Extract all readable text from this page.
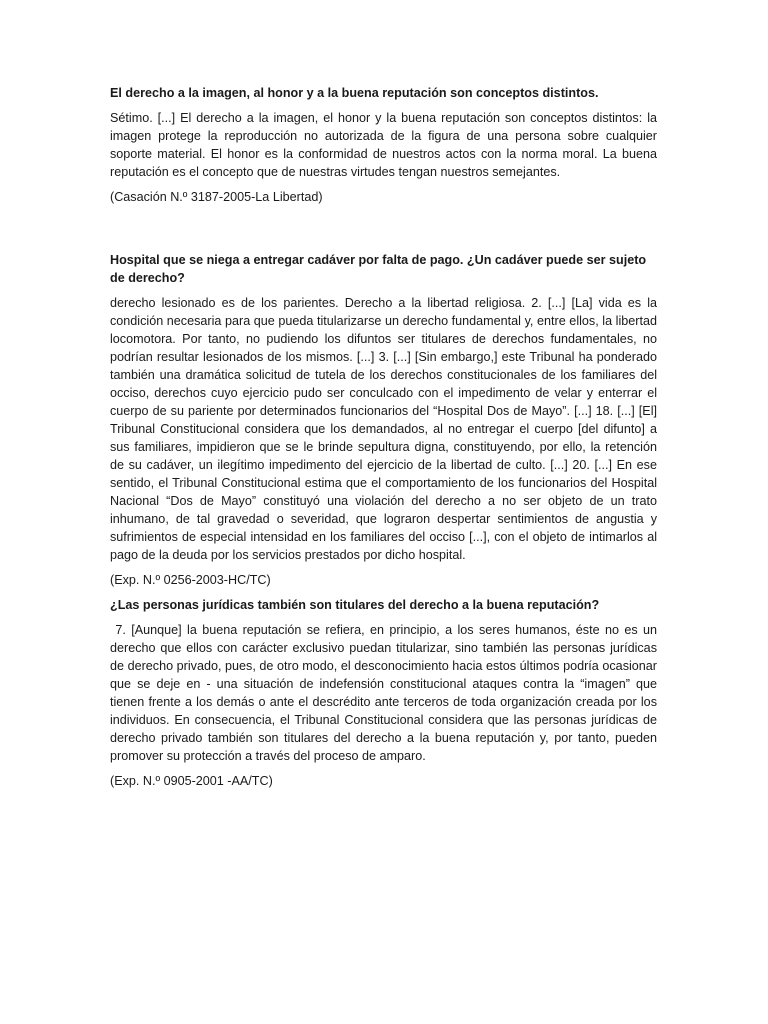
El derecho a la imagen, al honor y a la buena reputación son conceptos distintos.

Sétimo. [...] El derecho a la imagen, el honor y la buena reputación son conceptos distintos: la imagen protege la reproducción no autorizada de la figura de una persona sobre cualquier soporte material. El honor es la conformidad de nuestros actos con la norma moral. La buena reputación es el concepto que de nuestras virtudes tengan nuestros semejantes.

(Casación N.º 3187-2005-La Libertad)

Hospital que se niega a entregar cadáver por falta de pago. ¿Un cadáver puede ser sujeto de derecho?

derecho lesionado es de los parientes. Derecho a la libertad religiosa. 2. [...] [La] vida es la condición necesaria para que pueda titularizarse un derecho fundamental y, entre ellos, la libertad locomotora. Por tanto, no pudiendo los difuntos ser titulares de derechos fundamentales, no podrían resultar lesionados de los mismos. [...] 3. [...] [Sin embargo,] este Tribunal ha ponderado también una dramática solicitud de tutela de los derechos constitucionales de los familiares del occiso, derechos cuyo ejercicio pudo ser conculcado con el impedimento de velar y enterrar el cuerpo de su pariente por determinados funcionarios del “Hospital Dos de Mayo”. [...] 18. [...] [El] Tribunal Constitucional considera que los demandados, al no entregar el cuerpo [del difunto] a sus familiares, impidieron que se le brinde sepultura digna, constituyendo, por ello, la retención de su cadáver, un ilegítimo impedimento del ejercicio de la libertad de culto. [...] 20. [...] En ese sentido, el Tribunal Constitucional estima que el comportamiento de los funcionarios del Hospital Nacional “Dos de Mayo” constituyó una violación del derecho a no ser objeto de un trato inhumano, de tal gravedad o severidad, que lograron despertar sentimientos de angustia y sufrimientos de especial intensidad en los familiares del occiso [...], con el objeto de intimarlos al pago de la deuda por los servicios prestados por dicho hospital.

(Exp. N.º 0256-2003-HC/TC)

¿Las personas jurídicas también son titulares del derecho a la buena reputación?

7. [Aunque] la buena reputación se refiera, en principio, a los seres humanos, éste no es un derecho que ellos con carácter exclusivo puedan titularizar, sino también las personas jurídicas de derecho privado, pues, de otro modo, el desconocimiento hacia estos últimos podría ocasionar que se deje en - una situación de indefensión constitucional ataques contra la “imagen” que tienen frente a los demás o ante el descrédito ante terceros de toda organización creada por los individuos. En consecuencia, el Tribunal Constitucional considera que las personas jurídicas de derecho privado también son titulares del derecho a la buena reputación y, por tanto, pueden promover su protección a través del proceso de amparo.

(Exp. N.º 0905-2001 -AA/TC)
